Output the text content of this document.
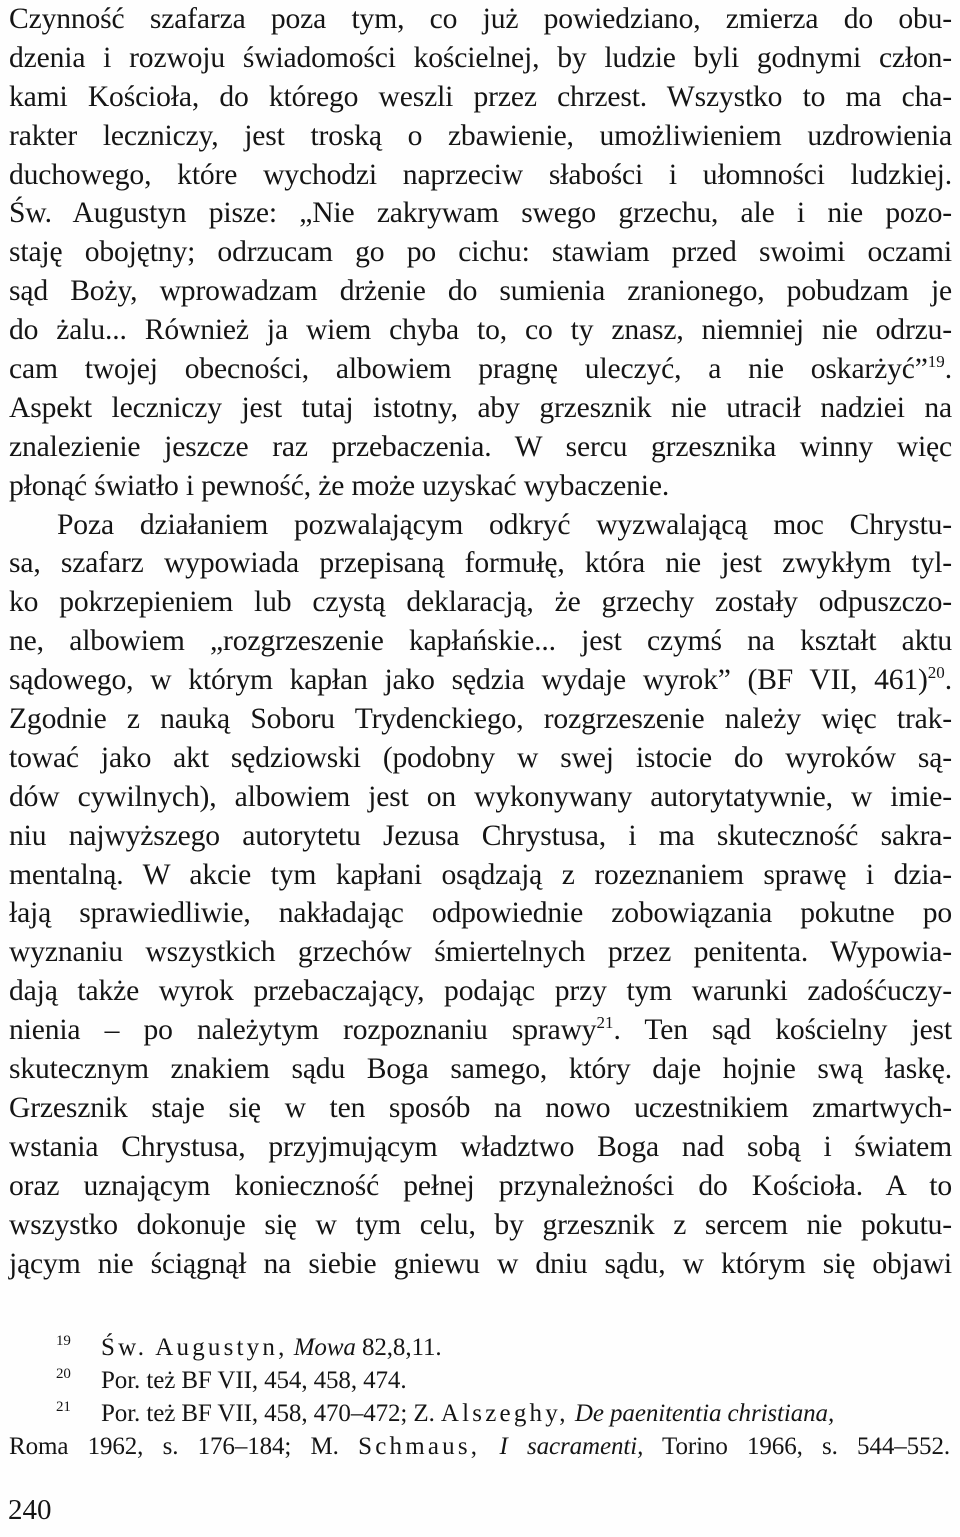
Czynność szafarza poza tym, co już powiedziano, zmierza do obu-
dzenia i rozwoju świadomości kościelnej, by ludzie byli godnymi człon-
kami Kościoła, do którego weszli przez chrzest. Wszystko to ma cha-
rakter leczniczy, jest troską o zbawienie, umożliwieniem uzdrowienia
duchowego, które wychodzi naprzeciw słabości i ułomności ludzkiej.
Św. Augustyn pisze: „Nie zakrywam swego grzechu, ale i nie pozo-
staję obojętny; odrzucam go po cichu: stawiam przed swoimi oczami
sąd Boży, wprowadzam drżenie do sumienia zranionego, pobudzam je
do żalu... Również ja wiem chyba to, co ty znasz, niemniej nie odrzu-
cam twojej obecności, albowiem pragnę uleczyć, a nie oskarżyć”$^{19}$.
Aspekt leczniczy jest tutaj istotny, aby grzesznik nie utracił nadziei na
znalezienie jeszcze raz przebaczenia. W sercu grzesznika winny więc
płonąć światło i pewność, że może uzyskać wybaczenie.
Poza działaniem pozwalającym odkryć wyzwalającą moc Chrystu-
sa, szafarz wypowiada przepisaną formułę, która nie jest zwykłym tyl-
ko pokrzepieniem lub czystą deklaracją, że grzechy zostały odpuszczo-
ne, albowiem „rozgrzeszenie kapłańskie... jest czymś na kształt aktu
sądowego, w którym kapłan jako sędzia wydaje wyrok” (BF VII, 461)$^{20}$.
Zgodnie z nauką Soboru Trydenckiego, rozgrzeszenie należy więc trak-
tować jako akt sędziowski (podobny w swej istocie do wyroków są-
dów cywilnych), albowiem jest on wykonywany autorytatywnie, w imie-
niu najwyższego autorytetu Jezusa Chrystusa, i ma skuteczność sakra-
mentalną. W akcie tym kapłani osądzają z rozeznaniem sprawę i dzia-
łają sprawiedliwie, nakładając odpowiednie zobowiązania pokutne po
wyznaniu wszystkich grzechów śmiertelnych przez penitenta. Wypowia-
dają także wyrok przebaczający, podając przy tym warunki zadośćuczy-
nienia – po należytym rozpoznaniu sprawy$^{21}$. Ten sąd kościelny jest
skutecznym znakiem sądu Boga samego, który daje hojnie swą łaskę.
Grzesznik staje się w ten sposób na nowo uczestnikiem zmartwych-
wstania Chrystusa, przyjmującym władztwo Boga nad sobą i światem
oraz uznającym konieczność pełnej przynależności do Kościoła. A to
wszystko dokonuje się w tym celu, by grzesznik z sercem nie pokutu-
jącym nie ściągnął na siebie gniewu w dniu sądu, w którym się objawi
19 Św. Augustyn, Mowa 82,8,11.
20 Por. też BF VII, 454, 458, 474.
21 Por. też BF VII, 458, 470–472; Z. Alszeghy, De paenitentia christiana,
Roma 1962, s. 176–184; M. Schmaus, I sacramenti, Torino 1966, s. 544–552.
240
